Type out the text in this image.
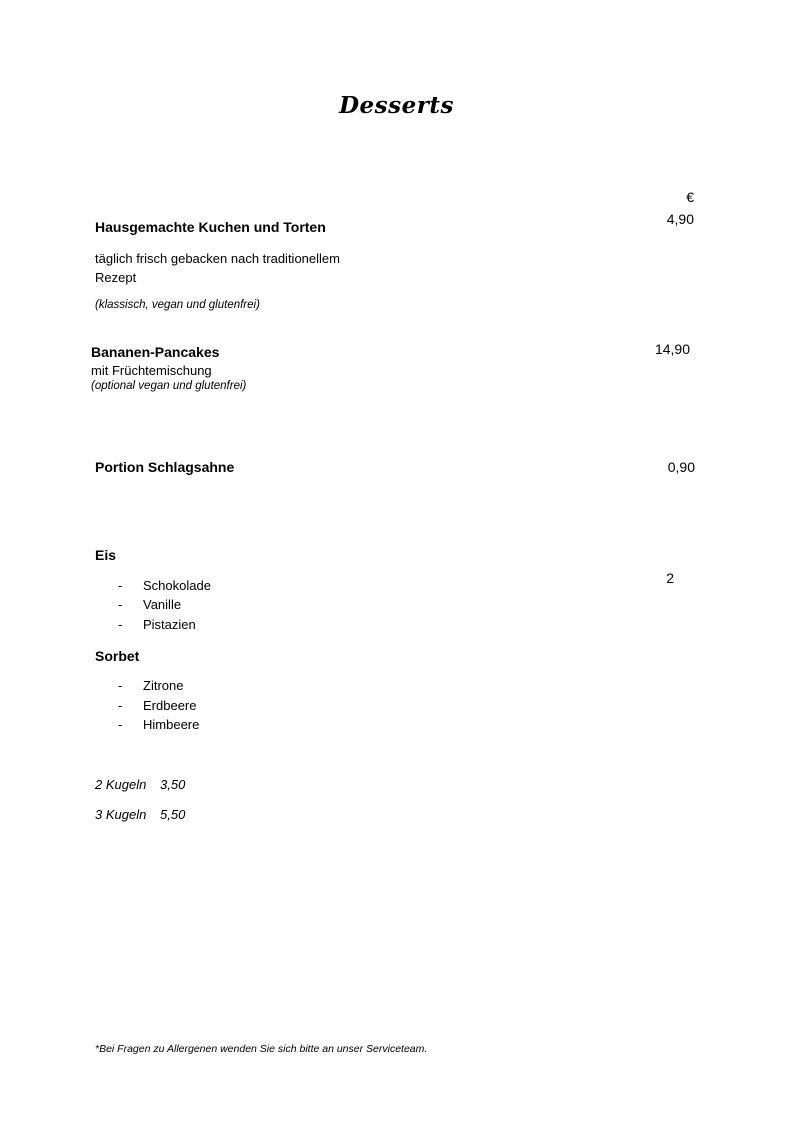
Desserts
€
Hausgemachte Kuchen und Torten	4,90
täglich frisch gebacken nach traditionellem
Rezept
(klassisch, vegan und glutenfrei)
Bananen-Pancakes	14,90
mit Früchtemischung
(optional vegan und glutenfrei)
Portion Schlagsahne	0,90
Eis
2
- Schokolade
- Vanille
- Pistazien
Sorbet
- Zitrone
- Erdbeere
- Himbeere
2 Kugeln 3,50
3 Kugeln 5,50
*Bei Fragen zu Allergenen wenden Sie sich bitte an unser Serviceteam.
